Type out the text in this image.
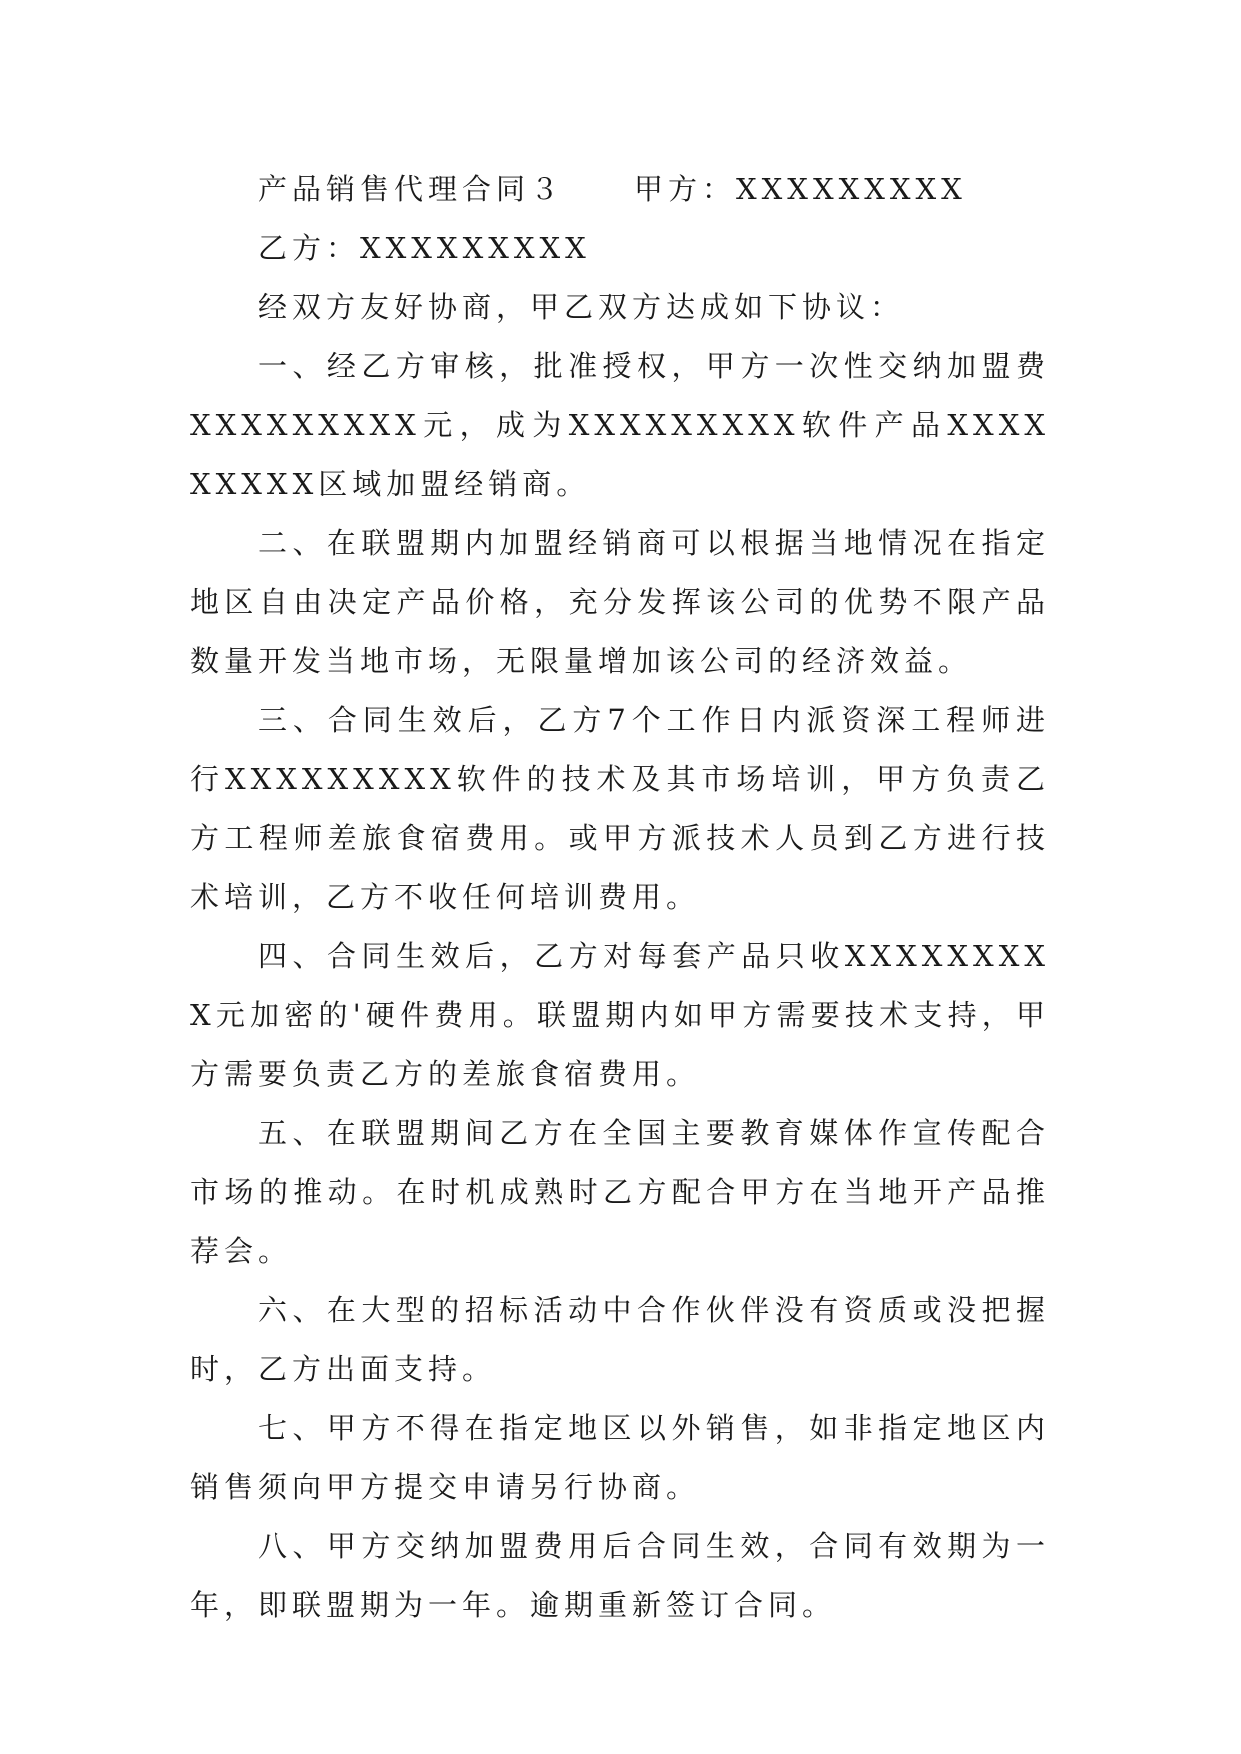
产品销售代理合同３ 甲方：XXXXXXXXX

乙方：XXXXXXXXX

经双方友好协商，甲乙双方达成如下协议：

一、经乙方审核，批准授权，甲方一次性交纳加盟费XXXXXXXXX元，成为XXXXXXXXX软件产品XXXXXXXXX区域加盟经销商。

二、在联盟期内加盟经销商可以根据当地情况在指定地区自由决定产品价格，充分发挥该公司的优势不限产品数量开发当地市场，无限量增加该公司的经济效益。

三、合同生效后，乙方7个工作日内派资深工程师进行XXXXXXXXX软件的技术及其市场培训，甲方负责乙方工程师差旅食宿费用。或甲方派技术人员到乙方进行技术培训，乙方不收任何培训费用。

四、合同生效后，乙方对每套产品只收XXXXXXXXX元加密的'硬件费用。联盟期内如甲方需要技术支持，甲方需要负责乙方的差旅食宿费用。

五、在联盟期间乙方在全国主要教育媒体作宣传配合市场的推动。在时机成熟时乙方配合甲方在当地开产品推荐会。

六、在大型的招标活动中合作伙伴没有资质或没把握时，乙方出面支持。

七、甲方不得在指定地区以外销售，如非指定地区内销售须向甲方提交申请另行协商。

八、甲方交纳加盟费用后合同生效，合同有效期为一年，即联盟期为一年。逾期重新签订合同。
